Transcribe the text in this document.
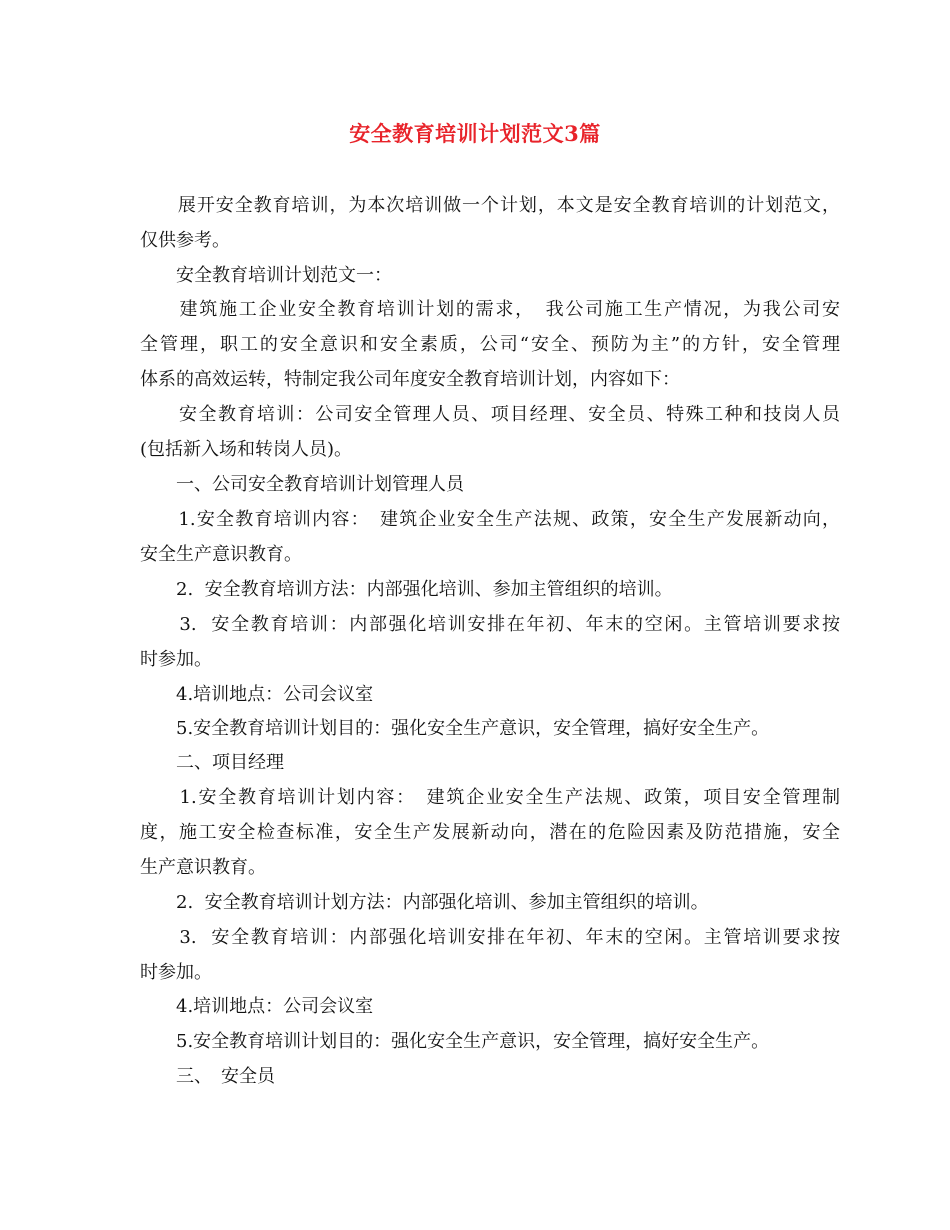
安全教育培训计划范文3篇
　　展开安全教育培训，为本次培训做一个计划，本文是安全教育培训的计划范文，
仅供参考。
　　安全教育培训计划范文一：
　　建筑施工企业安全教育培训计划的需求，　我公司施工生产情况，为我公司安
全管理，职工的安全意识和安全素质，公司“安全、预防为主”的方针，安全管理
体系的高效运转，特制定我公司年度安全教育培训计划，内容如下：
　　安全教育培训：公司安全管理人员、项目经理、安全员、特殊工种和技岗人员
(包括新入场和转岗人员)。
　　一、公司安全教育培训计划管理人员
　　1.安全教育培训内容：　建筑企业安全生产法规、政策，安全生产发展新动向，
安全生产意识教育。
　　2.  安全教育培训方法：内部强化培训、参加主管组织的培训。
　　3.  安全教育培训：内部强化培训安排在年初、年末的空闲。主管培训要求按
时参加。
　　4.培训地点：公司会议室
　　5.安全教育培训计划目的：强化安全生产意识，安全管理，搞好安全生产。
　　二、项目经理
　　1.安全教育培训计划内容：　建筑企业安全生产法规、政策，项目安全管理制
度，施工安全检查标准，安全生产发展新动向，潜在的危险因素及防范措施，安全
生产意识教育。
　　2.  安全教育培训计划方法：内部强化培训、参加主管组织的培训。
　　3.  安全教育培训：内部强化培训安排在年初、年末的空闲。主管培训要求按
时参加。
　　4.培训地点：公司会议室
　　5.安全教育培训计划目的：强化安全生产意识，安全管理，搞好安全生产。
　　三、　安全员
